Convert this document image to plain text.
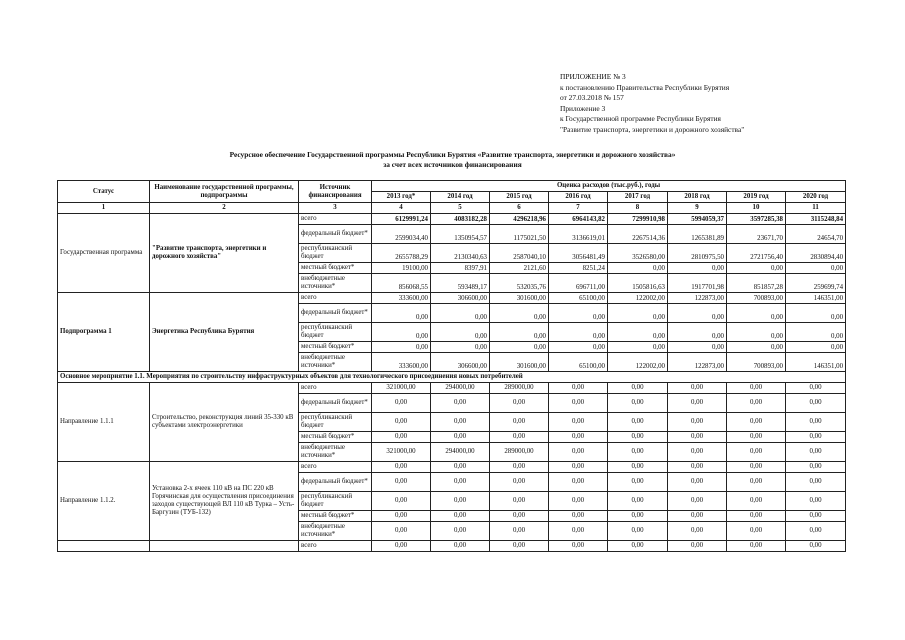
ПРИЛОЖЕНИЕ № 3
к постановлению Правительства Республики Бурятия
от 27.03.2018 № 157
Приложение 3
к Государственной программе Республики Бурятия
"Развитие транспорта, энергетики и дорожного хозяйства"
Ресурсное обеспечение Государственной программы Республики Бурятия «Развитие транспорта, энергетики и дорожного хозяйства»
за счет всех источников финансирования
Статус	Наименование государственной программы, подпрограммы	Источник финансирования	Оценка расходов (тыс.руб.), годы							
			2013 год*	2014 год	2015 год	2016 год	2017 год	2018 год	2019 год	2020 год
1	2	3	4	5	6	7	8	9	10	11
Государственная программа	"Развитие транспорта, энергетики и дорожного хозяйства"	всего	6129991,24	4083182,28	4296218,96	6964143,82	7299910,98	5994059,37	3597285,38	3115248,84
		федеральный бюджет*	2599034,40	1350954,57	1175021,50	3136619,01	2267514,36	1265381,89	23671,70	24654,70
		республиканский бюджет	2655788,29	2130340,63	2587040,10	3056481,49	3526580,00	2810975,50	2721756,40	2830894,40
		местный бюджет*	19100,00	8397,91	2121,60	8251,24	0,00	0,00	0,00	0,00
		внебюджетные источники*	856068,55	593489,17	532035,76	696711,00	1505816,63	1917701,98	851857,28	259699,74
Подпрограмма 1	Энергетика Республика Бурятия	всего	333600,00	306600,00	301600,00	65100,00	122002,00	122873,00	700893,00	146351,00
		федеральный бюджет*	0,00	0,00	0,00	0,00	0,00	0,00	0,00	0,00
		республиканский бюджет	0,00	0,00	0,00	0,00	0,00	0,00	0,00	0,00
		местный бюджет*	0,00	0,00	0,00	0,00	0,00	0,00	0,00	0,00
		внебюджетные источники*	333600,00	306600,00	301600,00	65100,00	122002,00	122873,00	700893,00	146351,00
Основное мероприятие 1.1. Мероприятия по строительству инфраструктурных объектов для технологического присоединения новых потребителей										
Направление 1.1.1	Строительство, реконструкция линий 35-330 кВ субъектами электроэнергетики	всего	321000,00	294000,00	289000,00	0,00	0,00	0,00	0,00	0,00
		федеральный бюджет*	0,00	0,00	0,00	0,00	0,00	0,00	0,00	0,00
		республиканский бюджет	0,00	0,00	0,00	0,00	0,00	0,00	0,00	0,00
		местный бюджет*	0,00	0,00	0,00	0,00	0,00	0,00	0,00	0,00
		внебюджетные источники*	321000,00	294000,00	289000,00	0,00	0,00	0,00	0,00	0,00
Направление 1.1.2.	Установка 2-х ячеек 110 кВ на ПС 220 кВ Горячинская для осуществления присоединения заходов существующей ВЛ 110 кВ Турка – Усть-Баргузин (ТУБ-132)	всего	0,00	0,00	0,00	0,00	0,00	0,00	0,00	0,00
		федеральный бюджет*	0,00	0,00	0,00	0,00	0,00	0,00	0,00	0,00
		республиканский бюджет	0,00	0,00	0,00	0,00	0,00	0,00	0,00	0,00
		местный бюджет*	0,00	0,00	0,00	0,00	0,00	0,00	0,00	0,00
		внебюджетные источники*	0,00	0,00	0,00	0,00	0,00	0,00	0,00	0,00
		всего	0,00	0,00	0,00	0,00	0,00	0,00	0,00	0,00
